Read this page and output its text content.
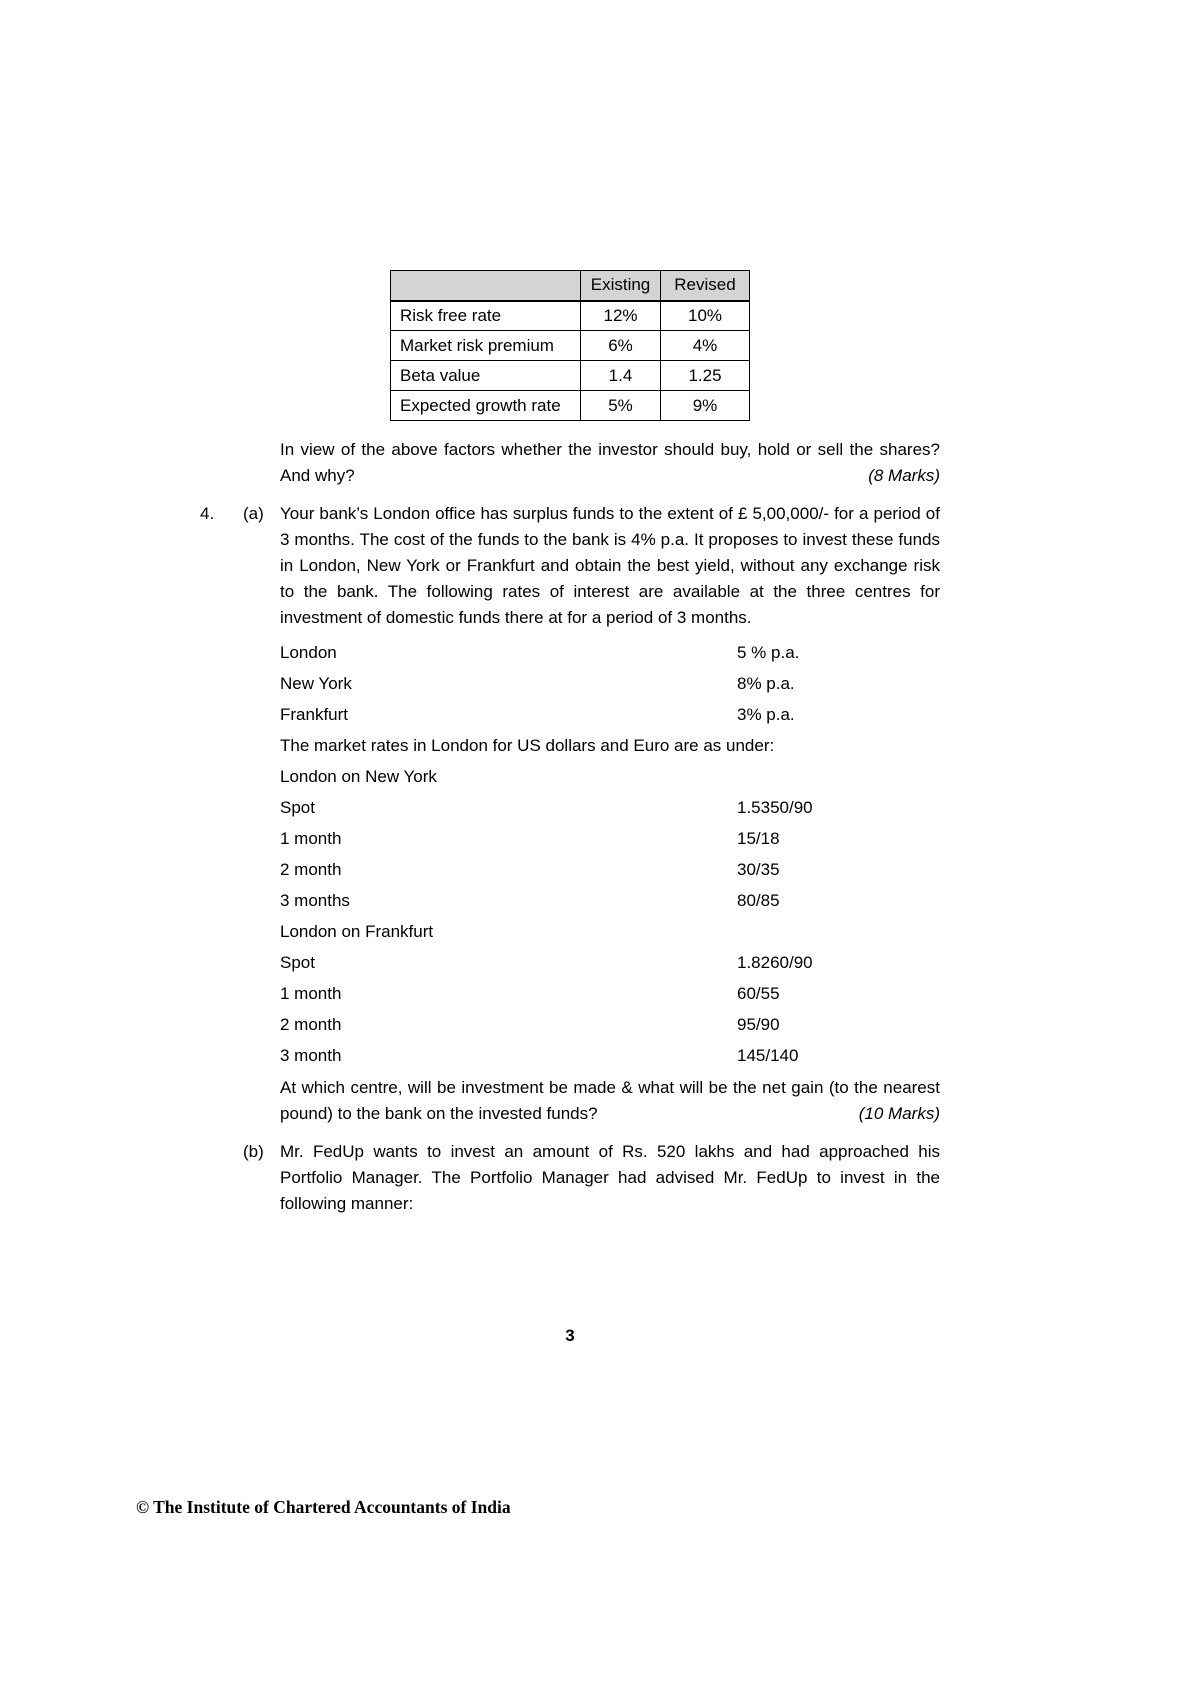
	Existing	Revised
Risk free rate	12%	10%
Market risk premium	6%	4%
Beta value	1.4	1.25
Expected growth rate	5%	9%
In view of the above factors whether the investor should buy, hold or sell the shares? And why?	(8 Marks)
4.	(a) Your bank’s London office has surplus funds to the extent of £ 5,00,000/- for a period of 3 months. The cost of the funds to the bank is 4% p.a. It proposes to invest these funds in London, New York or Frankfurt and obtain the best yield, without any exchange risk to the bank. The following rates of interest are available at the three centres for investment of domestic funds there at for a period of 3 months.
London	5 % p.a.
New York	8% p.a.
Frankfurt	3% p.a.
The market rates in London for US dollars and Euro are as under:
London on New York
Spot	1.5350/90
1 month	15/18
2 month	30/35
3 months	80/85
London on Frankfurt
Spot	1.8260/90
1 month	60/55
2 month	95/90
3 month	145/140
At which centre, will be investment be made & what will be the net gain (to the nearest pound) to the bank on the invested funds?	(10 Marks)
(b) Mr. FedUp wants to invest an amount of Rs. 520 lakhs and had approached his Portfolio Manager. The Portfolio Manager had advised Mr. FedUp to invest in the following manner:
3
© The Institute of Chartered Accountants of India
